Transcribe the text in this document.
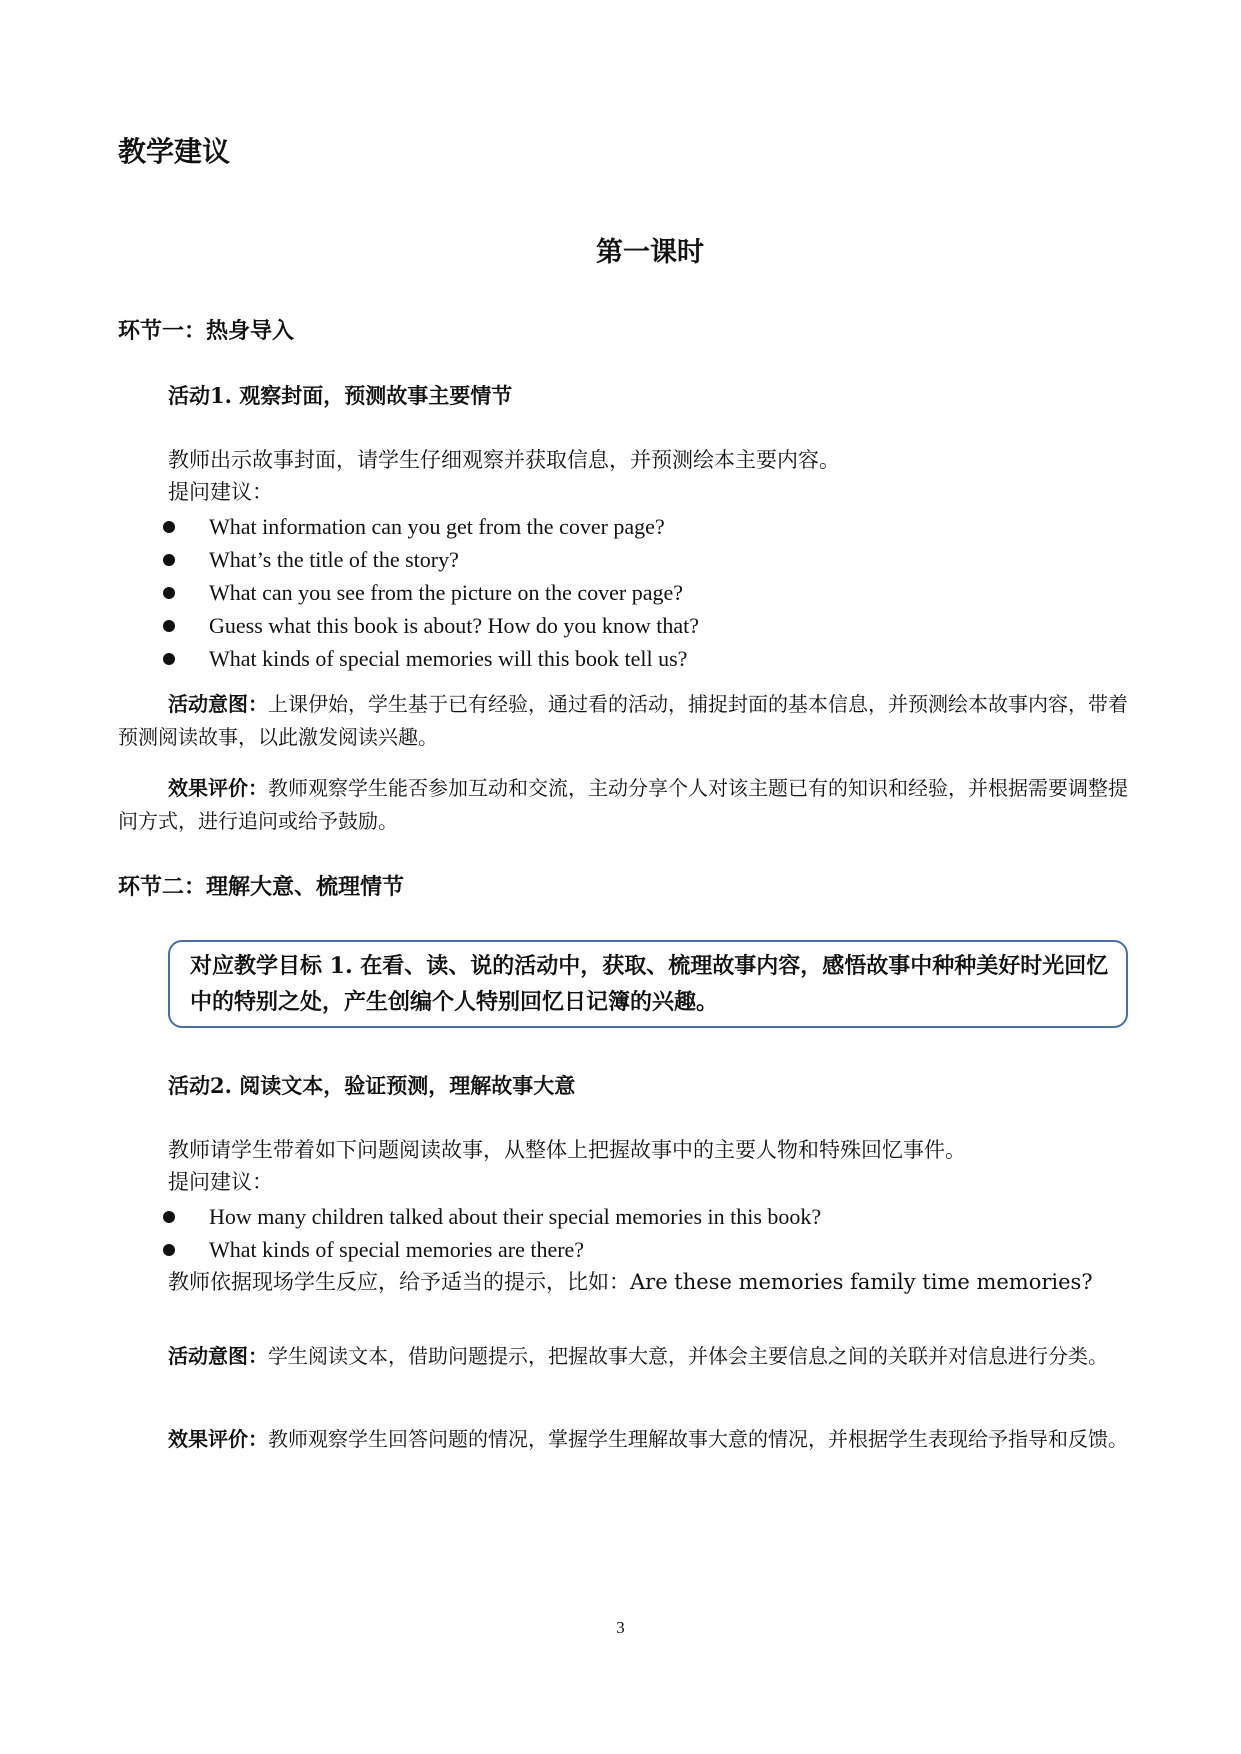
教学建议
第一课时
环节一：热身导入
活动1. 观察封面，预测故事主要情节
教师出示故事封面，请学生仔细观察并获取信息，并预测绘本主要内容。
提问建议：
What information can you get from the cover page?
What’s the title of the story?
What can you see from the picture on the cover page?
Guess what this book is about? How do you know that?
What kinds of special memories will this book tell us?
活动意图：上课伊始，学生基于已有经验，通过看的活动，捕捉封面的基本信息，并预测绘本故事内容，带着预测阅读故事，以此激发阅读兴趣。
效果评价：教师观察学生能否参加互动和交流，主动分享个人对该主题已有的知识和经验，并根据需要调整提问方式，进行追问或给予鼓励。
环节二：理解大意、梳理情节
对应教学目标 1. 在看、读、说的活动中，获取、梳理故事内容，感悟故事中种种美好时光回忆中的特别之处，产生创编个人特别回忆日记簿的兴趣。
活动2. 阅读文本，验证预测，理解故事大意
教师请学生带着如下问题阅读故事，从整体上把握故事中的主要人物和特殊回忆事件。
提问建议：
How many children talked about their special memories in this book?
What kinds of special memories are there?
教师依据现场学生反应，给予适当的提示，比如：Are these memories family time memories?
活动意图：学生阅读文本，借助问题提示，把握故事大意，并体会主要信息之间的关联并对信息进行分类。
效果评价：教师观察学生回答问题的情况，掌握学生理解故事大意的情况，并根据学生表现给予指导和反馈。
3
